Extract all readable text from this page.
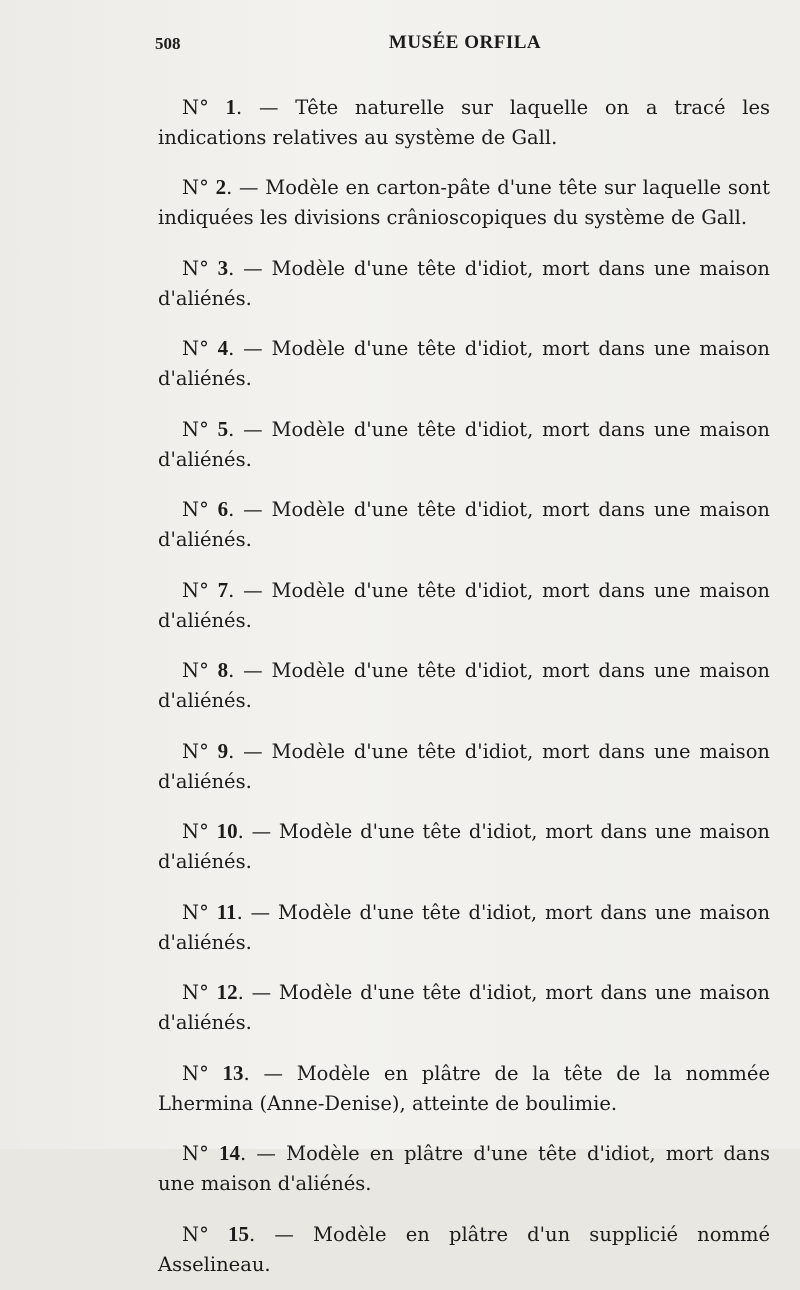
508	MUSÉE ORFILA

N° 1. — Tête naturelle sur laquelle on a tracé les indications relatives au système de Gall.

N° 2. — Modèle en carton-pâte d'une tête sur laquelle sont indiquées les divisions crânioscopiques du système de Gall.

N° 3. — Modèle d'une tête d'idiot, mort dans une maison d'aliénés.

N° 4. — Modèle d'une tête d'idiot, mort dans une maison d'aliénés.

N° 5. — Modèle d'une tête d'idiot, mort dans une maison d'aliénés.

N° 6. — Modèle d'une tête d'idiot, mort dans une maison d'aliénés.

N° 7. — Modèle d'une tête d'idiot, mort dans une maison d'aliénés.

N° 8. — Modèle d'une tête d'idiot, mort dans une maison d'aliénés.

N° 9. — Modèle d'une tête d'idiot, mort dans une maison d'aliénés.

N° 10. — Modèle d'une tête d'idiot, mort dans une maison d'aliénés.

N° 11. — Modèle d'une tête d'idiot, mort dans une maison d'aliénés.

N° 12. — Modèle d'une tête d'idiot, mort dans une maison d'aliénés.

N° 13. — Modèle en plâtre de la tête de la nommée Lhermina (Anne-Denise), atteinte de boulimie.

N° 14. — Modèle en plâtre d'une tête d'idiot, mort dans une maison d'aliénés.

N° 15. — Modèle en plâtre d'un supplicié nommé Asselineau.
